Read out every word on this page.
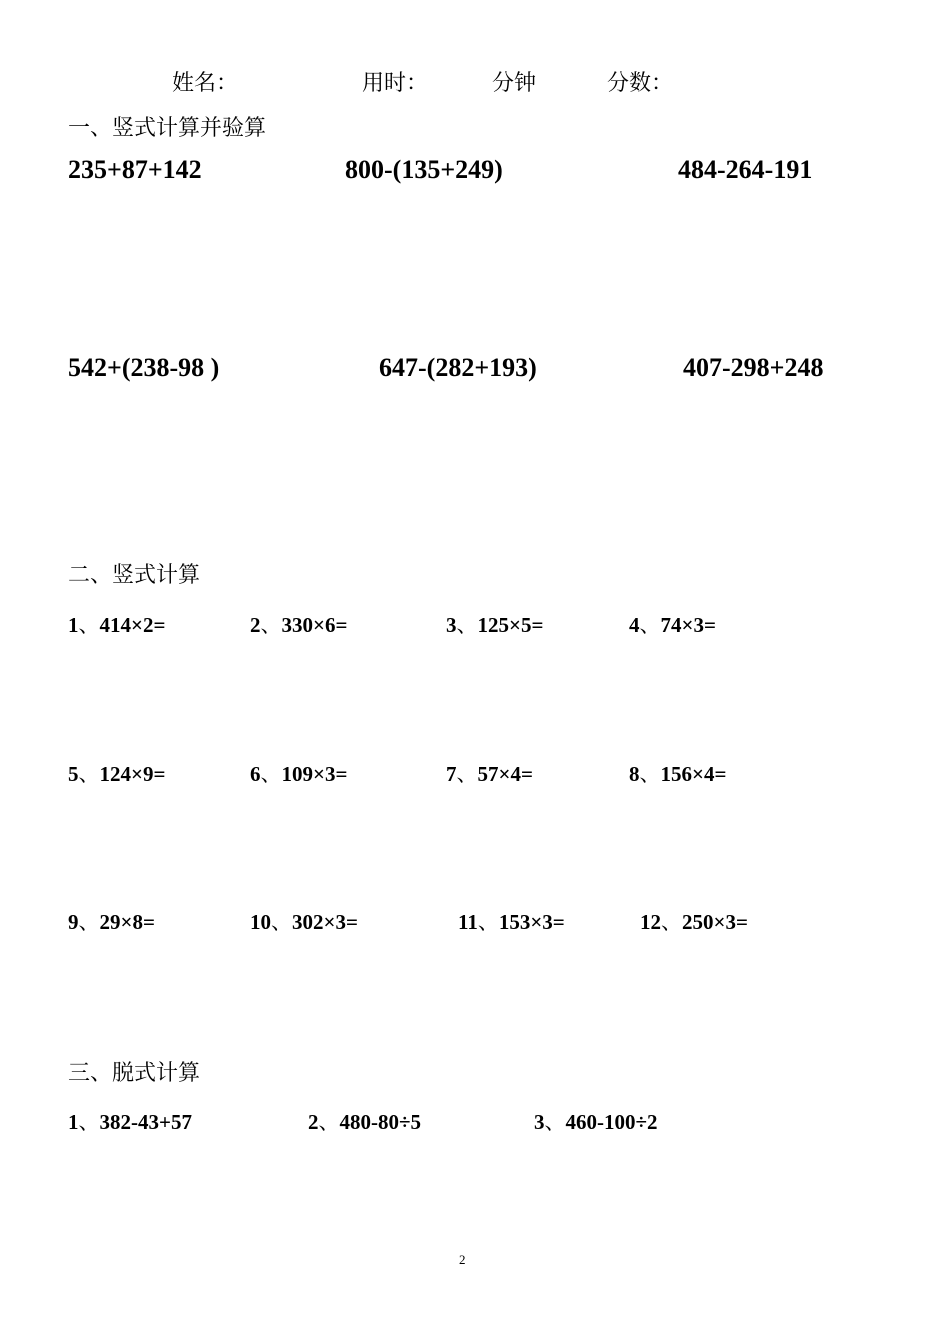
姓名：	用时：	分钟	分数：
一、竖式计算并验算
235+87+142	800-(135+249)	484-264-191
542+(238-98 )	647-(282+193)	407-298+248
二、竖式计算
1、414×2=	2、330×6=	3、125×5=	4、74×3=
5、124×9=	6、109×3=	7、57×4=	8、156×4=
9、29×8=	10、302×3=	11、153×3=	12、250×3=
三、脱式计算
1、382-43+57	2、480-80÷5	3、460-100÷2
2
